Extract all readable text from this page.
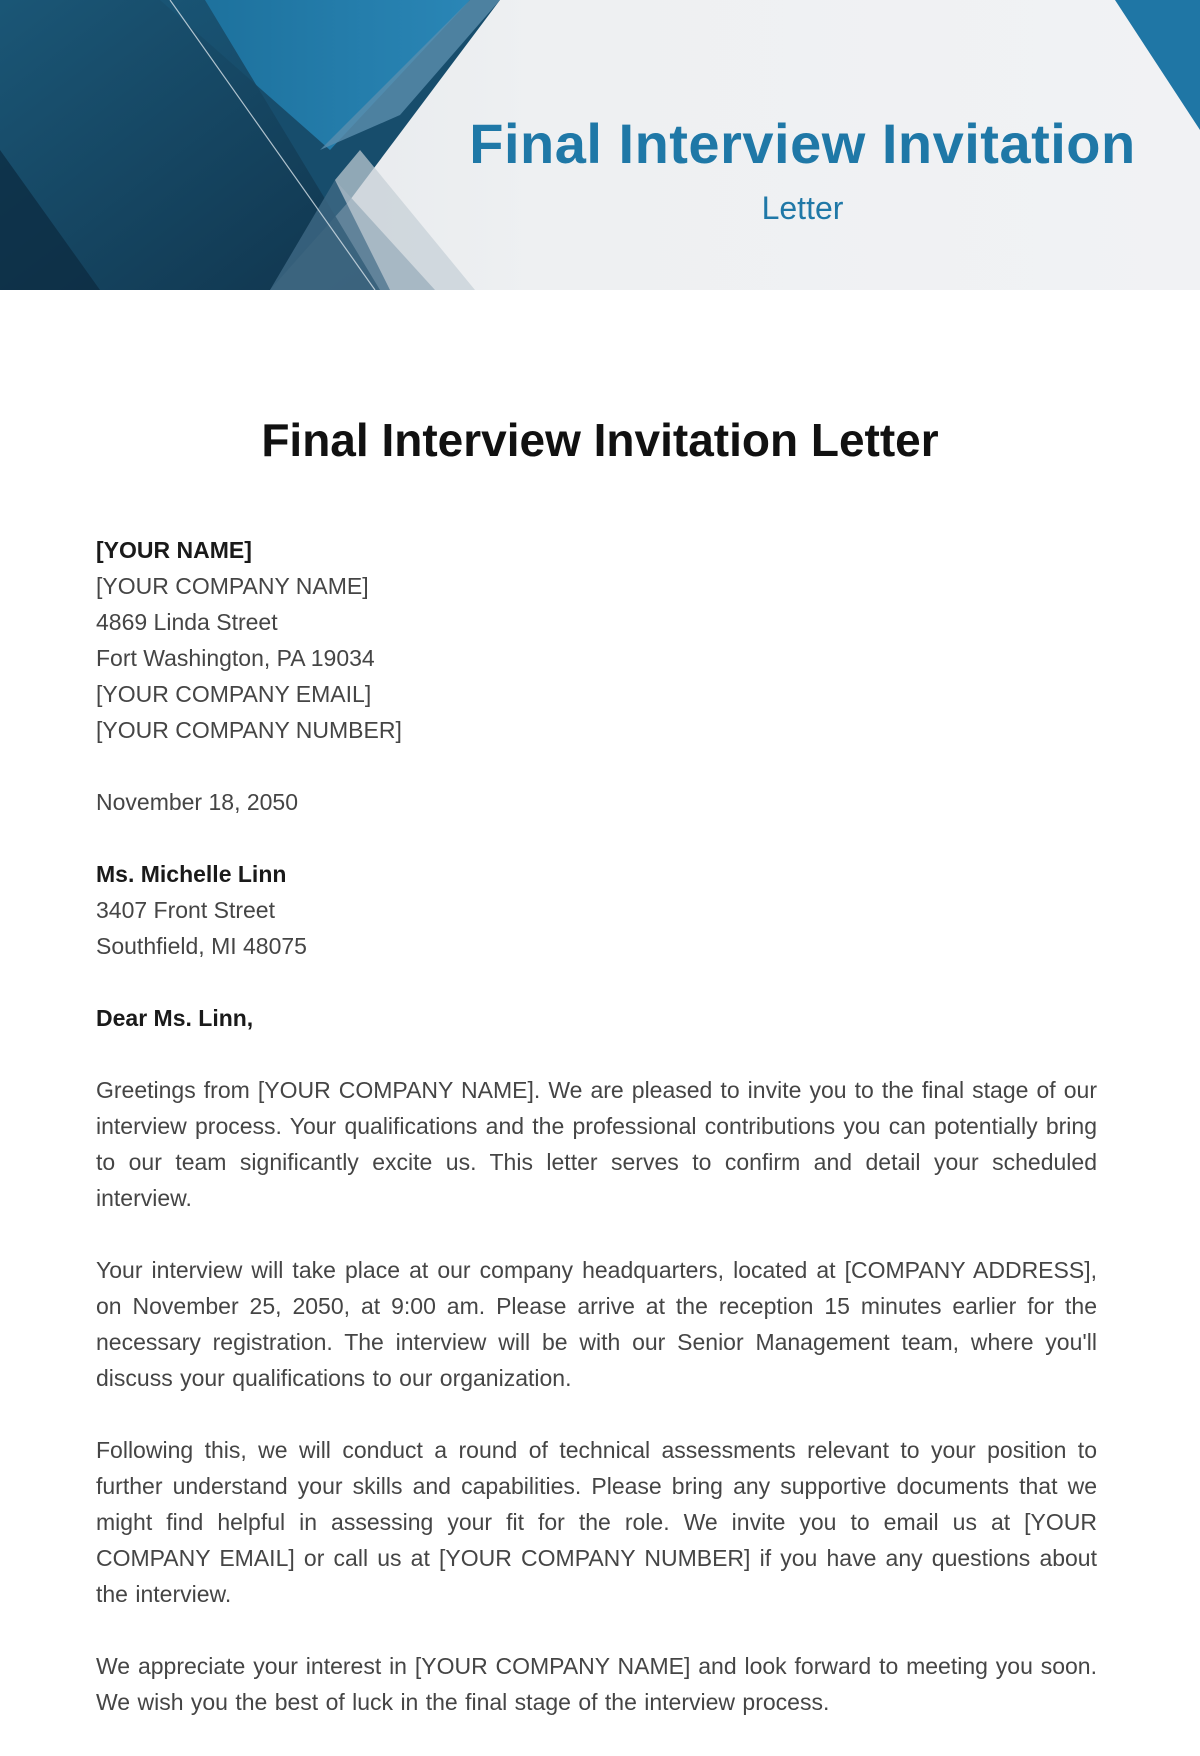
Final Interview Invitation

Letter

Final Interview Invitation Letter

[YOUR NAME]

[YOUR COMPANY NAME]

4869 Linda Street

Fort Washington, PA 19034

[YOUR COMPANY EMAIL]

[YOUR COMPANY NUMBER]

November 18, 2050

Ms. Michelle Linn

3407 Front Street

Southfield, MI 48075

Dear Ms. Linn,

Greetings from [YOUR COMPANY NAME]. We are pleased to invite you to the final stage of our interview process. Your qualifications and the professional contributions you can potentially bring to our team significantly excite us. This letter serves to confirm and detail your scheduled interview.

Your interview will take place at our company headquarters, located at [COMPANY ADDRESS], on November 25, 2050, at 9:00 am. Please arrive at the reception 15 minutes earlier for the necessary registration. The interview will be with our Senior Management team, where you'll discuss your qualifications to our organization.

Following this, we will conduct a round of technical assessments relevant to your position to further understand your skills and capabilities. Please bring any supportive documents that we might find helpful in assessing your fit for the role. We invite you to email us at [YOUR COMPANY EMAIL] or call us at [YOUR COMPANY NUMBER] if you have any questions about the interview.

We appreciate your interest in [YOUR COMPANY NAME] and look forward to meeting you soon. We wish you the best of luck in the final stage of the interview process.
